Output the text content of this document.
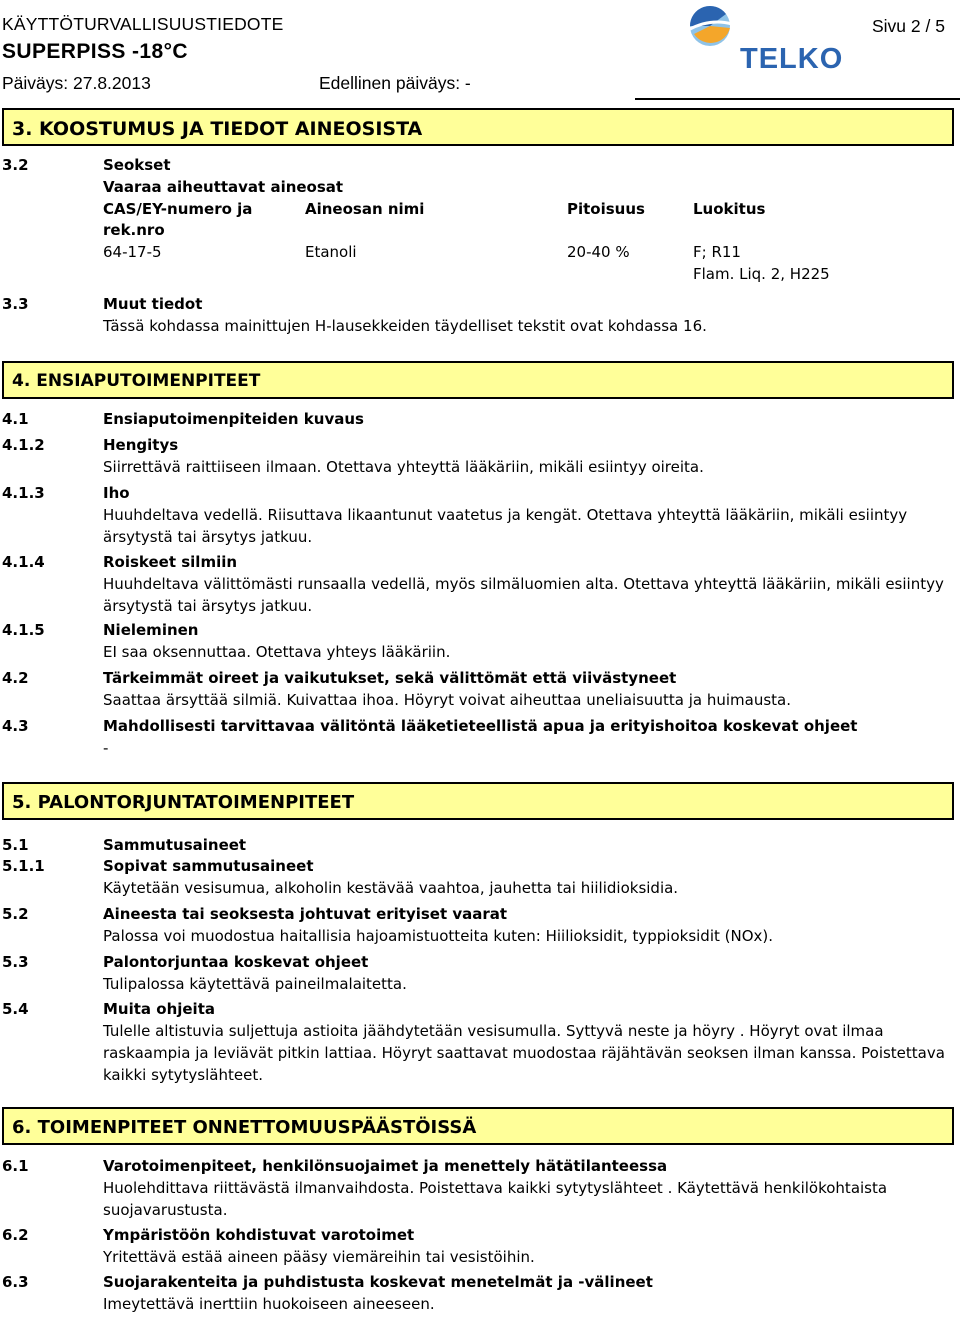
KÄYTTÖTURVALLISUUSTIEDOTE
SUPERPISS -18°C
Päiväys: 27.8.2013	Edellinen päiväys: -
Sivu 2 / 5
TELKO
3. KOOSTUMUS JA TIEDOT AINEOSISTA
3.2	Seokset
Vaaraa aiheuttavat aineosat
CAS/EY-numero ja	Aineosan nimi	Pitoisuus	Luokitus
rek.nro
64-17-5	Etanoli	20-40 %	F; R11
Flam. Liq. 2, H225
3.3	Muut tiedot
Tässä kohdassa mainittujen H-lausekkeiden täydelliset tekstit ovat kohdassa 16.
4. ENSIAPUTOIMENPITEET
4.1	Ensiaputoimenpiteiden kuvaus
4.1.2	Hengitys
Siirrettävä raittiiseen ilmaan. Otettava yhteyttä lääkäriin, mikäli esiintyy oireita.
4.1.3	Iho
Huuhdeltava vedellä. Riisuttava likaantunut vaatetus ja kengät. Otettava yhteyttä lääkäriin, mikäli esiintyy
ärsytystä tai ärsytys jatkuu.
4.1.4	Roiskeet silmiin
Huuhdeltava välittömästi runsaalla vedellä, myös silmäluomien alta. Otettava yhteyttä lääkäriin, mikäli esiintyy
ärsytystä tai ärsytys jatkuu.
4.1.5	Nieleminen
EI saa oksennuttaa. Otettava yhteys lääkäriin.
4.2	Tärkeimmät oireet ja vaikutukset, sekä välittömät että viivästyneet
Saattaa ärsyttää silmiä. Kuivattaa ihoa. Höyryt voivat aiheuttaa uneliaisuutta ja huimausta.
4.3	Mahdollisesti tarvittavaa välitöntä lääketieteellistä apua ja erityishoitoa koskevat ohjeet
-
5. PALONTORJUNTATOIMENPITEET
5.1	Sammutusaineet
5.1.1	Sopivat sammutusaineet
Käytetään vesisumua, alkoholin kestävää vaahtoa, jauhetta tai hiilidioksidia.
5.2	Aineesta tai seoksesta johtuvat erityiset vaarat
Palossa voi muodostua haitallisia hajoamistuotteita kuten: Hiilioksidit, typpioksidit (NOx).
5.3	Palontorjuntaa koskevat ohjeet
Tulipalossa käytettävä paineilmalaitetta.
5.4	Muita ohjeita
Tulelle altistuvia suljettuja astioita jäähdytetään vesisumulla. Syttyvä neste ja höyry . Höyryt ovat ilmaa
raskaampia ja leviävät pitkin lattiaa. Höyryt saattavat muodostaa räjähtävän seoksen ilman kanssa. Poistettava
kaikki sytytyslähteet.
6. TOIMENPITEET ONNETTOMUUSPÄÄSTÖISSÄ
6.1	Varotoimenpiteet, henkilönsuojaimet ja menettely hätätilanteessa
Huolehdittava riittävästä ilmanvaihdosta. Poistettava kaikki sytytyslähteet . Käytettävä henkilökohtaista
suojavarustusta.
6.2	Ympäristöön kohdistuvat varotoimet
Yritettävä estää aineen pääsy viemäreihin tai vesistöihin.
6.3	Suojarakenteita ja puhdistusta koskevat menetelmät ja -välineet
Imeytettävä inerttiin huokoiseen aineeseen.
